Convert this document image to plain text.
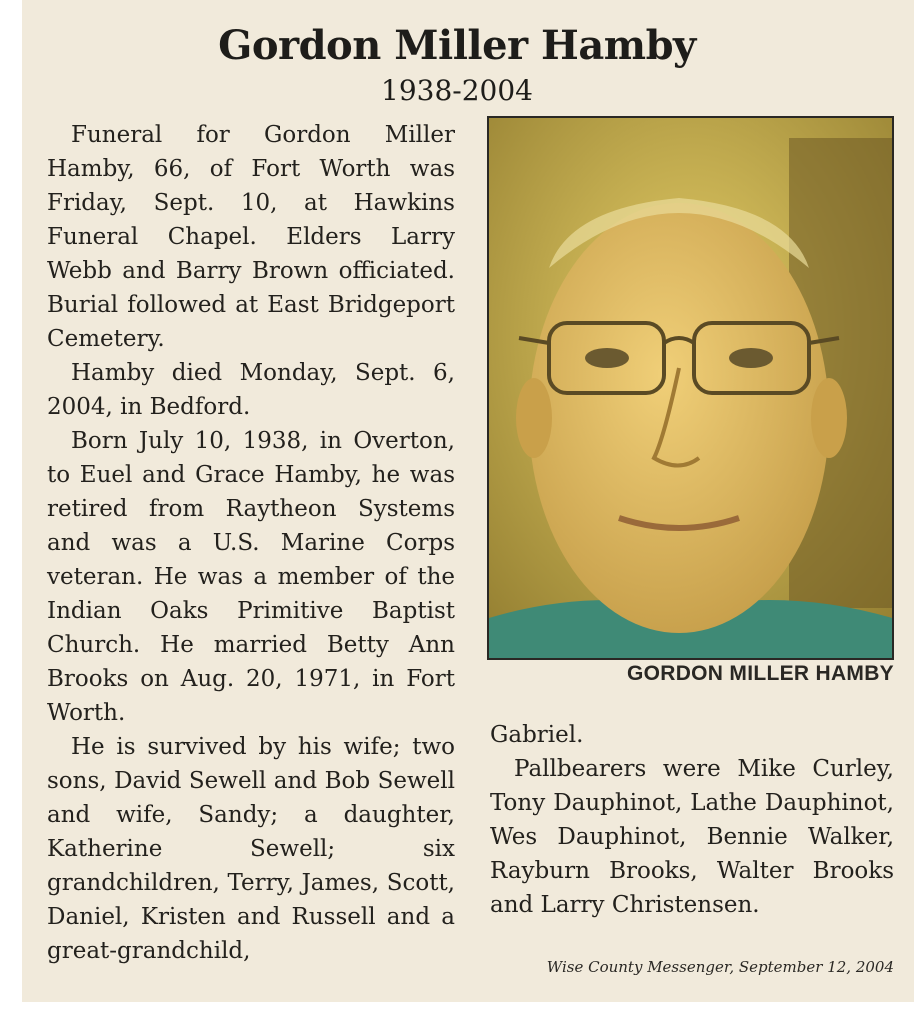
Gordon Miller Hamby
1938-2004

Funeral for Gordon Miller Hamby, 66, of Fort Worth was Friday, Sept. 10, at Hawkins Funeral Chapel. Elders Larry Webb and Barry Brown officiated. Burial followed at East Bridgeport Cemetery.

Hamby died Monday, Sept. 6, 2004, in Bedford.

Born July 10, 1938, in Overton, to Euel and Grace Hamby, he was retired from Raytheon Systems and was a U.S. Marine Corps veteran. He was a member of the Indian Oaks Primitive Baptist Church. He married Betty Ann Brooks on Aug. 20, 1971, in Fort Worth.

He is survived by his wife; two sons, David Sewell and Bob Sewell and wife, Sandy; a daughter, Katherine Sewell; six grandchildren, Terry, James, Scott, Daniel, Kristen and Russell and a great-grandchild,

GORDON MILLER HAMBY

Gabriel.

Pallbearers were Mike Curley, Tony Dauphinot, Lathe Dauphinot, Wes Dauphinot, Bennie Walker, Rayburn Brooks, Walter Brooks and Larry Christensen.

Wise County Messenger, September 12, 2004
